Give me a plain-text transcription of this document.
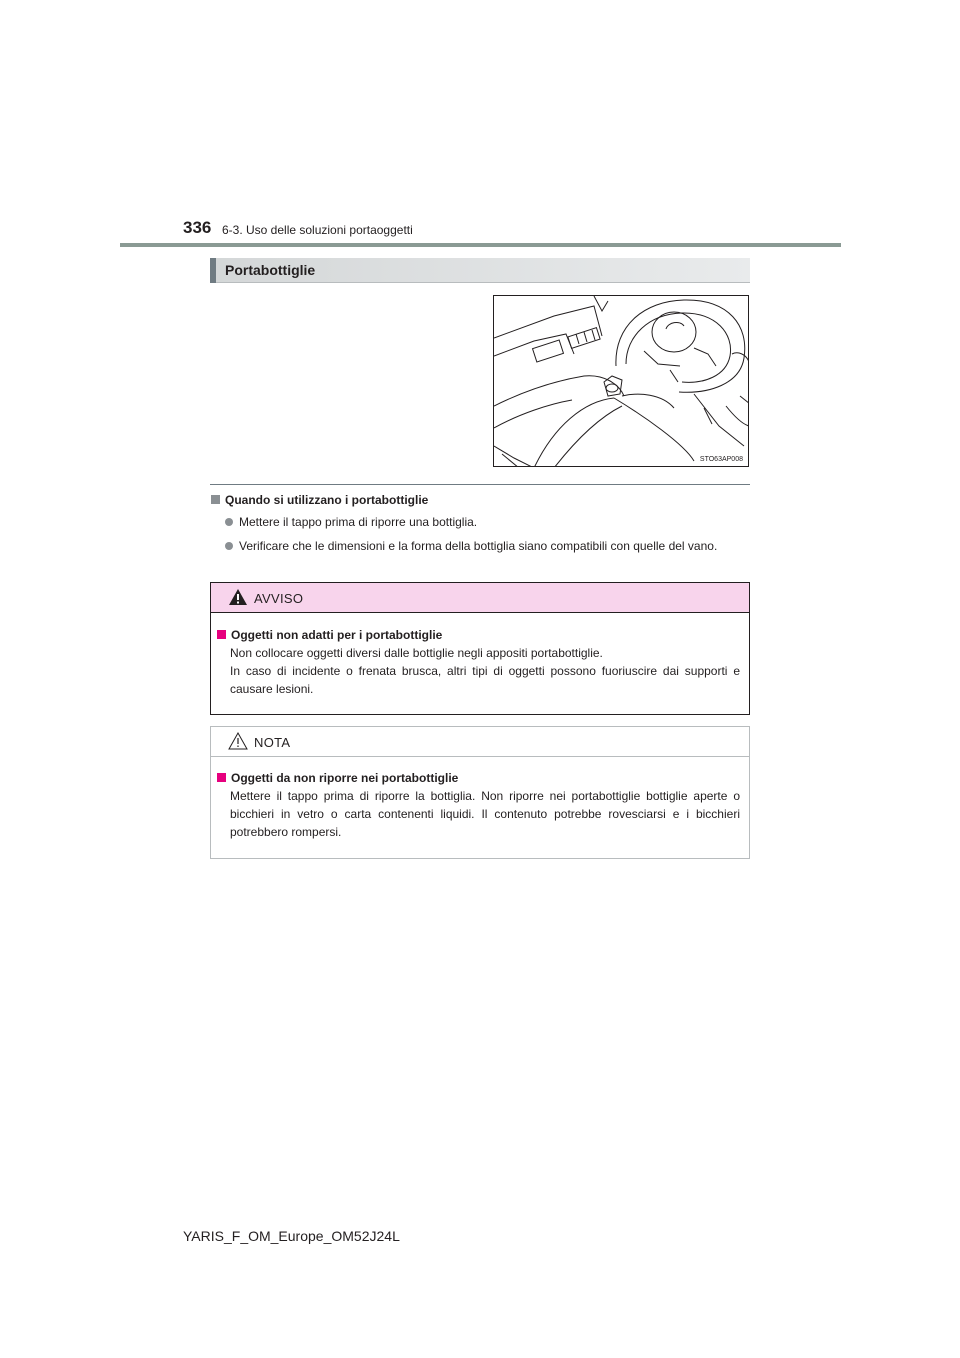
336 6-3. Uso delle soluzioni portaoggetti
Portabottiglie
STO63AP008
Quando si utilizzano i portabottiglie
Mettere il tappo prima di riporre una bottiglia.
Verificare che le dimensioni e la forma della bottiglia siano compatibili con quelle del vano.
AVVISO
Oggetti non adatti per i portabottiglie
Non collocare oggetti diversi dalle bottiglie negli appositi portabottiglie.
In caso di incidente o frenata brusca, altri tipi di oggetti possono fuoriuscire dai supporti e causare lesioni.
NOTA
Oggetti da non riporre nei portabottiglie
Mettere il tappo prima di riporre la bottiglia. Non riporre nei portabottiglie bottiglie aperte o bicchieri in vetro o carta contenenti liquidi. Il contenuto potrebbe rovesciarsi e i bicchieri potrebbero rompersi.
YARIS_F_OM_Europe_OM52J24L
